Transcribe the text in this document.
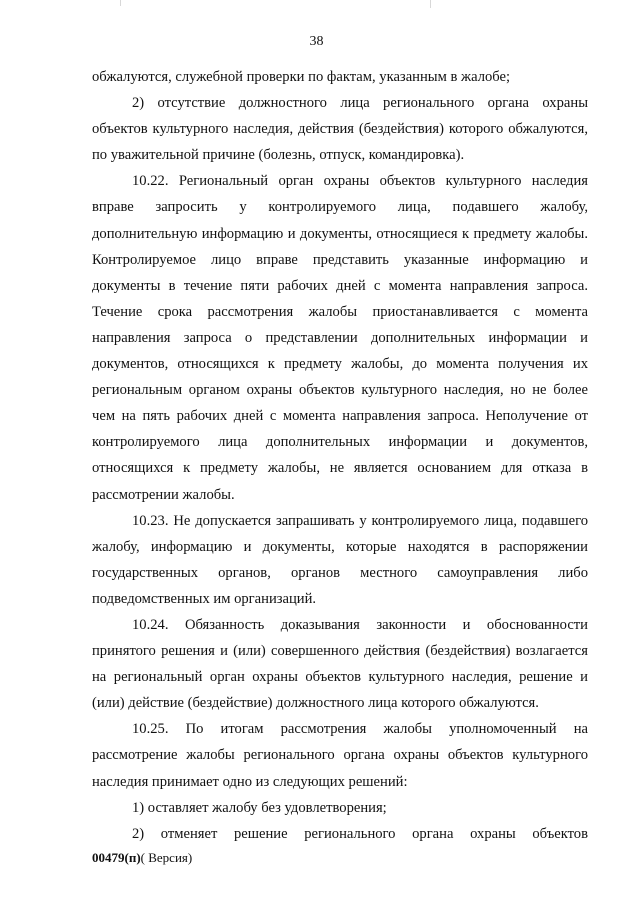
38

обжалуются, служебной проверки по фактам, указанным в жалобе;

2) отсутствие должностного лица регионального органа охраны объектов культурного наследия, действия (бездействия) которого обжалуются, по уважительной причине (болезнь, отпуск, командировка).

10.22. Региональный орган охраны объектов культурного наследия вправе запросить у контролируемого лица, подавшего жалобу, дополнительную информацию и документы, относящиеся к предмету жалобы. Контролируемое лицо вправе представить указанные информацию и документы в течение пяти рабочих дней с момента направления запроса. Течение срока рассмотрения жалобы приостанавливается с момента направления запроса о представлении дополнительных информации и документов, относящихся к предмету жалобы, до момента получения их региональным органом охраны объектов культурного наследия, но не более чем на пять рабочих дней с момента направления запроса. Неполучение от контролируемого лица дополнительных информации и документов, относящихся к предмету жалобы, не является основанием для отказа в рассмотрении жалобы.

10.23. Не допускается запрашивать у контролируемого лица, подавшего жалобу, информацию и документы, которые находятся в распоряжении государственных органов, органов местного самоуправления либо подведомственных им организаций.

10.24. Обязанность доказывания законности и обоснованности принятого решения и (или) совершенного действия (бездействия) возлагается на региональный орган охраны объектов культурного наследия, решение и (или) действие (бездействие) должностного лица которого обжалуются.

10.25. По итогам рассмотрения жалобы уполномоченный на рассмотрение жалобы регионального органа охраны объектов культурного наследия принимает одно из следующих решений:

1) оставляет жалобу без удовлетворения;

2) отменяет решение регионального органа охраны объектов

00479(п)( Версия)
